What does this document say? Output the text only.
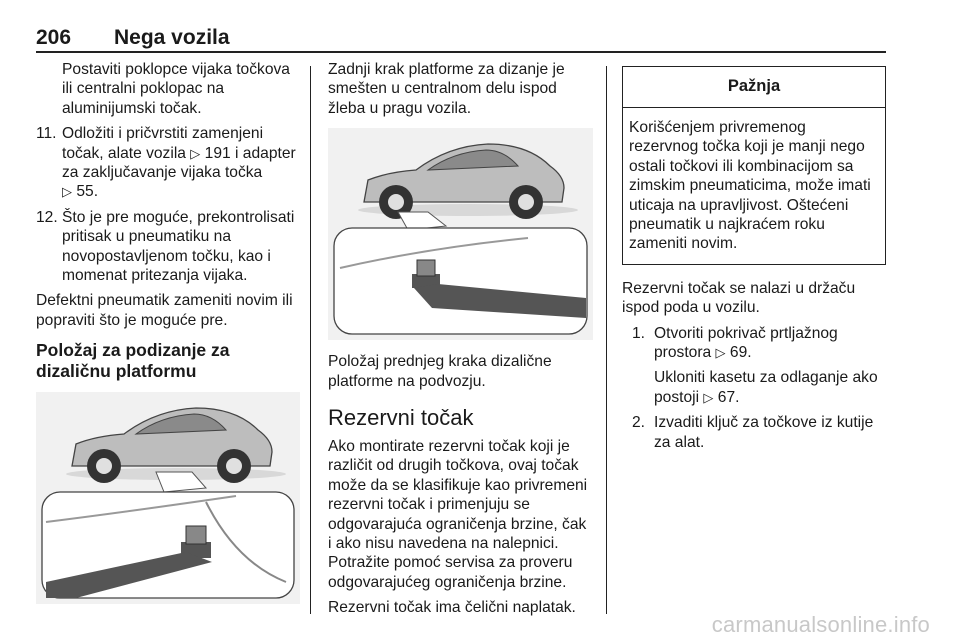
206 Nega vozila

Postaviti poklopce vijaka točkova ili centralni poklopac na aluminijumski točak.

11. Odložiti i pričvrstiti zamenjeni točak, alate vozila ▷ 191 i adapter za zaključavanje vijaka točka
▷ 55.
12. Što je pre moguće, prekontrolisati pritisak u pneumatiku na novopostavljenom točku, kao i momenat pritezanja vijaka.

Defektni pneumatik zameniti novim ili popraviti što je moguće pre.

Položaj za podizanje za dizaličnu platformu

Zadnji krak platforme za dizanje je smešten u centralnom delu ispod žleba u pragu vozila.

Položaj prednjeg kraka dizalične platforme na podvozju.

Rezervni točak

Ako montirate rezervni točak koji je različit od drugih točkova, ovaj točak može da se klasifikuje kao privremeni rezervni točak i primenjuju se odgovarajuća ograničenja brzine, čak i ako nisu navedena na nalepnici. Potražite pomoć servisa za proveru odgovarajućeg ograničenja brzine.

Rezervni točak ima čelični naplatak.

Pažnja
Korišćenjem privremenog rezervnog točka koji je manji nego ostali točkovi ili kombinacijom sa zimskim pneumaticima, može imati uticaja na upravljivost. Oštećeni pneumatik u najkraćem roku zameniti novim.

Rezervni točak se nalazi u držaču ispod poda u vozilu.

1. Otvoriti pokrivač prtljažnog prostora ▷ 69.

Ukloniti kasetu za odlaganje ako postoji ▷ 67.

2. Izvaditi ključ za točkove iz kutije za alat.
carmanualsonline.info
